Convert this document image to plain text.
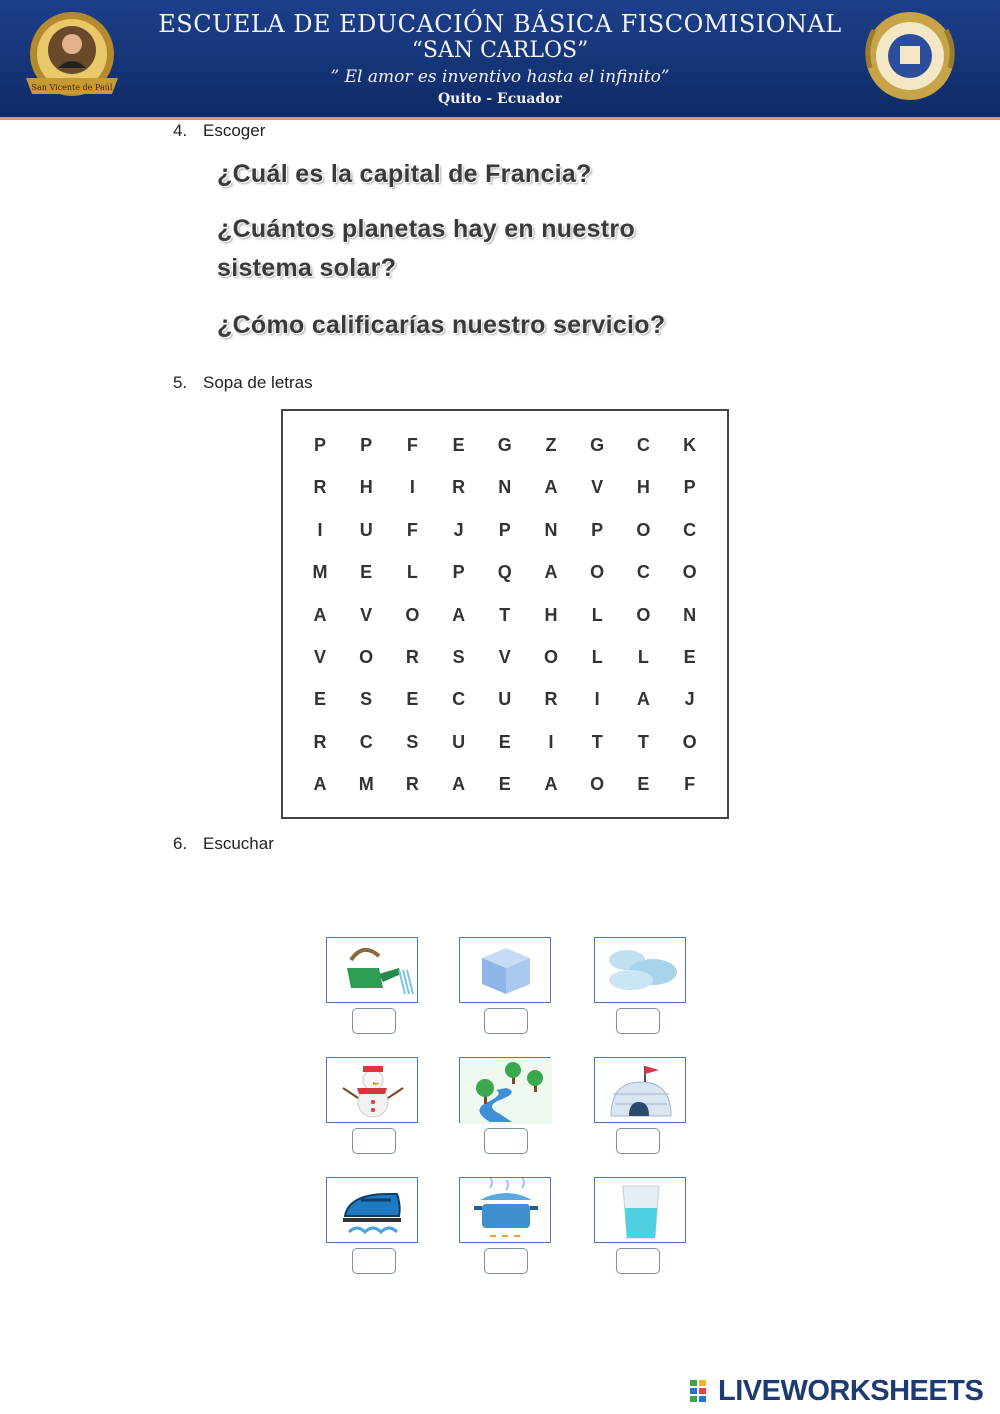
San Vicente de Paúl
ESCUELA DE EDUCACIÓN BÁSICA FISCOMISIONAL
“SAN CARLOS”
” El amor es inventivo hasta el infinito”
Quito - Ecuador
4. Escoger
¿Cuál es la capital de Francia?
¿Cuántos planetas hay en nuestro
sistema solar?
¿Cómo calificarías nuestro servicio?
5. Sopa de letras
P	P	F	E	G	Z	G	C	K
R	H	I	R	N	A	V	H	P
I	U	F	J	P	N	P	O	C
M	E	L	P	Q	A	O	C	O
A	V	O	A	T	H	L	O	N
V	O	R	S	V	O	L	L	E
E	S	E	C	U	R	I	A	J
R	C	S	U	E	I	T	T	O
A	M	R	A	E	A	O	E	F
6. Escuchar
LIVEWORKSHEETS
